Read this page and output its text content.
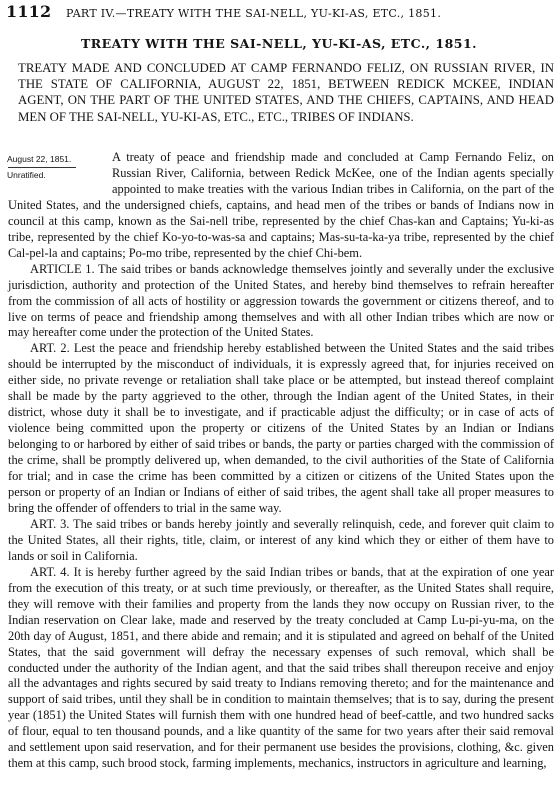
1112 PART IV.—TREATY WITH THE SAI-NELL, YU-KI-AS, ETC., 1851.
TREATY WITH THE SAI-NELL, YU-KI-AS, ETC., 1851.
TREATY MADE AND CONCLUDED AT CAMP FERNANDO FELIZ, ON RUSSIAN RIVER, IN THE STATE OF CALIFORNIA, AUGUST 22, 1851, BETWEEN REDICK MCKEE, INDIAN AGENT, ON THE PART OF THE UNITED STATES, AND THE CHIEFS, CAPTAINS, AND HEAD MEN OF THE SAI-NELL, YU-KI-AS, ETC., ETC., TRIBES OF INDIANS.
August 22, 1851.
Unratified.

A treaty of peace and friendship made and concluded at Camp Fernando Feliz, on Russian River, California, between Redick McKee, one of the Indian agents specially appointed to make treaties with the various Indian tribes in California, on the part of the United States, and the undersigned chiefs, captains, and head men of the tribes or bands of Indians now in council at this camp, known as the Sai-nell tribe, represented by the chief Chas-kan and Captains; Yu-ki-as tribe, represented by the chief Ko-yo-to-was-sa and captains; Mas-su-ta-ka-ya tribe, represented by the chief Cal-pel-la and captains; Po-mo tribe, represented by the chief Chi-bem.

ARTICLE 1. The said tribes or bands acknowledge themselves jointly and severally under the exclusive jurisdiction, authority and protection of the United States, and hereby bind themselves to refrain hereafter from the commission of all acts of hostility or aggression towards the government or citizens thereof, and to live on terms of peace and friendship among themselves and with all other Indian tribes which are now or may hereafter come under the protection of the United States.

ART. 2. Lest the peace and friendship hereby established between the United States and the said tribes should be interrupted by the misconduct of individuals, it is expressly agreed that, for injuries received on either side, no private revenge or retaliation shall take place or be attempted, but instead thereof complaint shall be made by the party aggrieved to the other, through the Indian agent of the United States, in their district, whose duty it shall be to investigate, and if practicable adjust the difficulty; or in case of acts of violence being committed upon the property or citizens of the United States by an Indian or Indians belonging to or harbored by either of said tribes or bands, the party or parties charged with the commission of the crime, shall be promptly delivered up, when demanded, to the civil authorities of the State of California for trial; and in case the crime has been committed by a citizen or citizens of the United States upon the person or property of an Indian or Indians of either of said tribes, the agent shall take all proper measures to bring the offender of offenders to trial in the same way.

ART. 3. The said tribes or bands hereby jointly and severally relinquish, cede, and forever quit claim to the United States, all their rights, title, claim, or interest of any kind which they or either of them have to lands or soil in California.

ART. 4. It is hereby further agreed by the said Indian tribes or bands, that at the expiration of one year from the execution of this treaty, or at such time previously, or thereafter, as the United States shall require, they will remove with their families and property from the lands they now occupy on Russian river, to the Indian reservation on Clear lake, made and reserved by the treaty concluded at Camp Lu-pi-yu-ma, on the 20th day of August, 1851, and there abide and remain; and it is stipulated and agreed on behalf of the United States, that the said government will defray the necessary expenses of such removal, which shall be conducted under the authority of the Indian agent, and that the said tribes shall thereupon receive and enjoy all the advantages and rights secured by said treaty to Indians removing thereto; and for the maintenance and support of said tribes, until they shall be in condition to maintain themselves; that is to say, during the present year (1851) the United States will furnish them with one hundred head of beef-cattle, and two hundred sacks of flour, equal to ten thousand pounds, and a like quantity of the same for two years after their said removal and settlement upon said reservation, and for their permanent use besides the provisions, clothing, &c. given them at this camp, such brood stock, farming implements, mechanics, instructors in agriculture and learning,
